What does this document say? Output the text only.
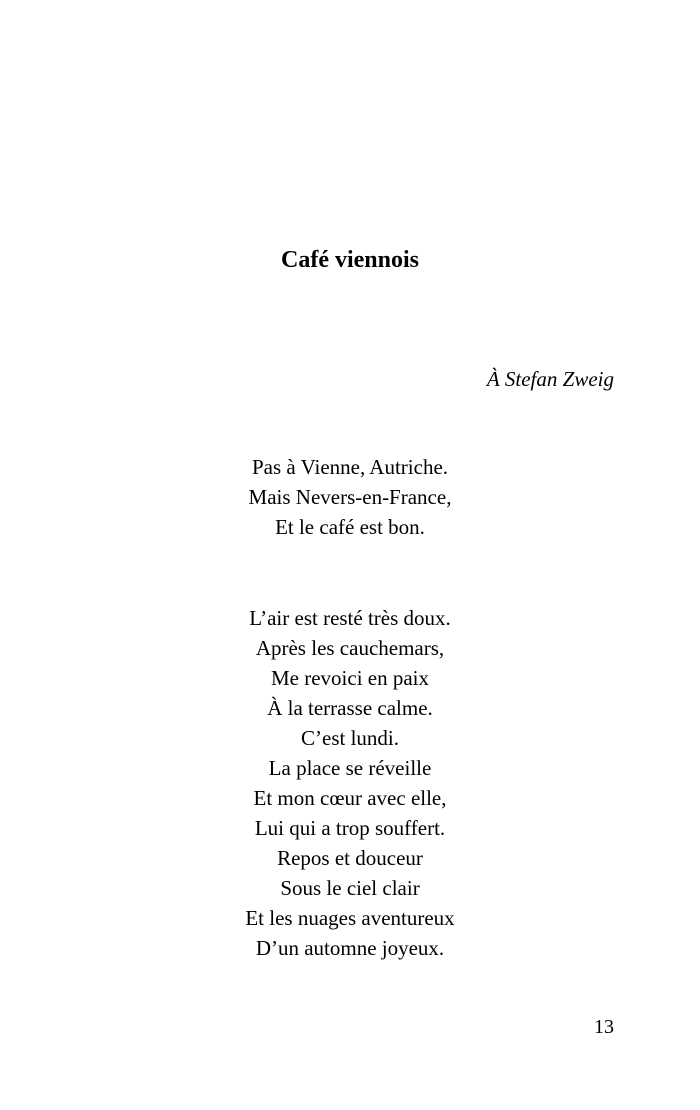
Café viennois

À Stefan Zweig

Pas à Vienne, Autriche.
Mais Nevers-en-France,
Et le café est bon.
L’air est resté très doux.
Après les cauchemars,
Me revoici en paix
À la terrasse calme.
C’est lundi.
La place se réveille
Et mon cœur avec elle,
Lui qui a trop souffert.
Repos et douceur
Sous le ciel clair
Et les nuages aventureux
D’un automne joyeux.

13
